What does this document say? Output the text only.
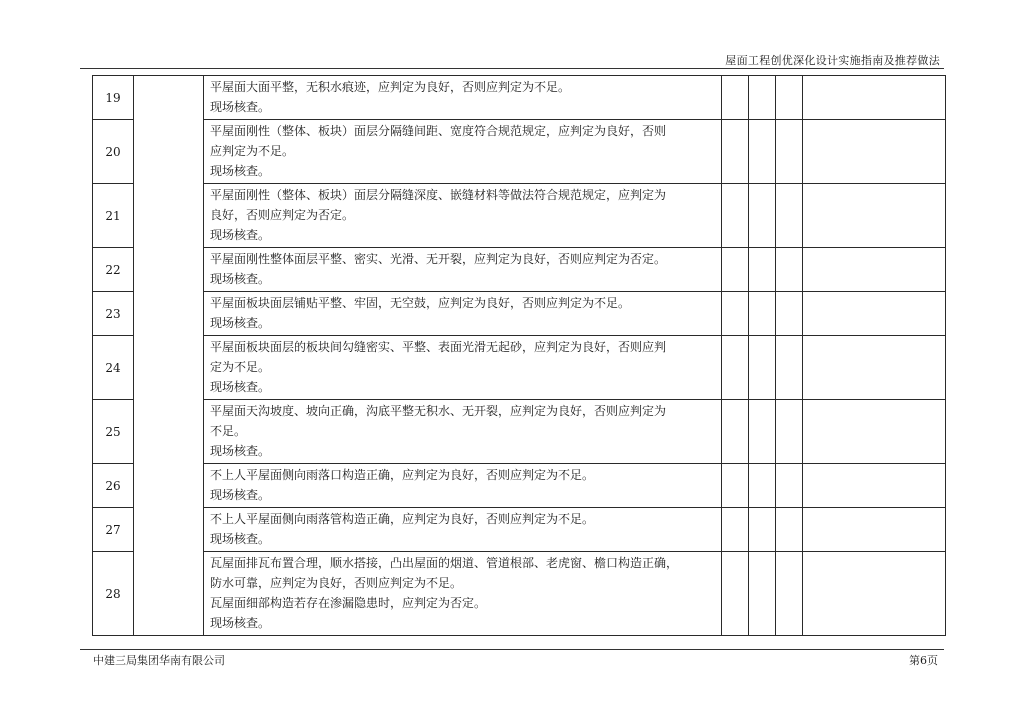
屋面工程创优深化设计实施指南及推荐做法
19		平屋面大面平整，无积水痕迹，应判定为良好，否则应判定为不足。
现场核查。				

20		平屋面刚性（整体、板块）面层分隔缝间距、宽度符合规范规定，应判定为良好，否则
应判定为不足。
现场核查。				

21		平屋面刚性（整体、板块）面层分隔缝深度、嵌缝材料等做法符合规范规定，应判定为
良好，否则应判定为否定。
现场核查。				

22		平屋面刚性整体面层平整、密实、光滑、无开裂，应判定为良好，否则应判定为否定。
现场核查。				

23		平屋面板块面层铺贴平整、牢固，无空鼓，应判定为良好，否则应判定为不足。
现场核查。				

24		平屋面板块面层的板块间勾缝密实、平整、表面光滑无起砂，应判定为良好，否则应判
定为不足。
现场核查。				

25		平屋面天沟坡度、坡向正确，沟底平整无积水、无开裂，应判定为良好，否则应判定为
不足。
现场核查。				

26		不上人平屋面侧向雨落口构造正确，应判定为良好，否则应判定为不足。
现场核查。				

27		不上人平屋面侧向雨落管构造正确，应判定为良好，否则应判定为不足。
现场核查。				

28		瓦屋面排瓦布置合理，顺水搭接，凸出屋面的烟道、管道根部、老虎窗、檐口构造正确，
防水可靠，应判定为良好，否则应判定为不足。
瓦屋面细部构造若存在渗漏隐患时，应判定为否定。
现场核查。				

中建三局集团华南有限公司	第6页
